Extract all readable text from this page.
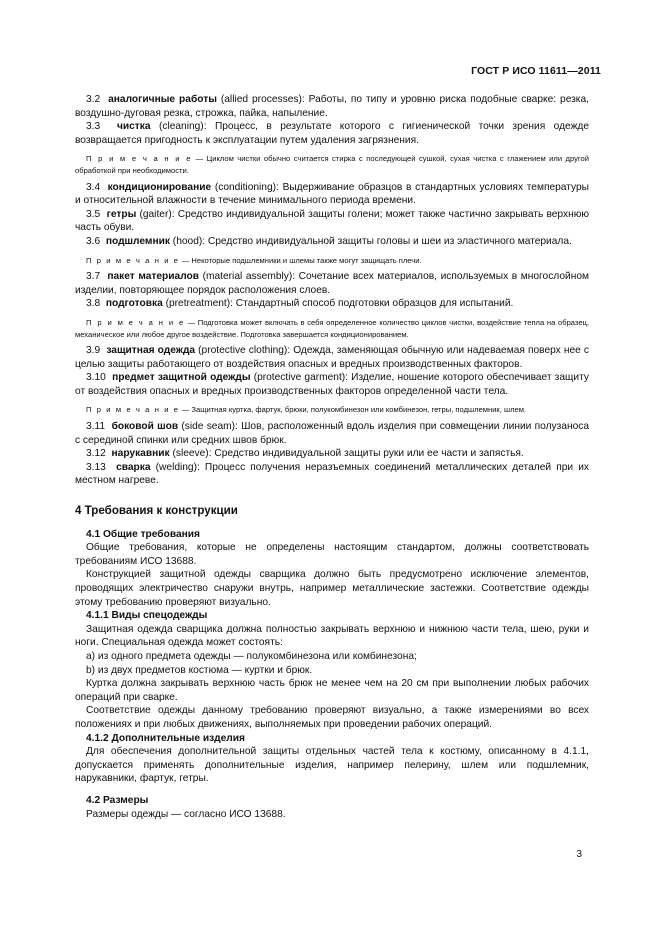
ГОСТ Р ИСО 11611—2011

3.2 аналогичные работы (allied processes): Работы, по типу и уровню риска подобные сварке: резка, воздушно-дуговая резка, строжка, пайка, напыление.

3.3 чистка (cleaning): Процесс, в результате которого с гигиенической точки зрения одежде возвращается пригодность к эксплуатации путем удаления загрязнения.

П р и м е ч а н и е — Циклом чистки обычно считается стирка с последующей сушкой, сухая чистка с глажением или другой обработкой при необходимости.

3.4 кондиционирование (conditioning): Выдерживание образцов в стандартных условиях температуры и относительной влажности в течение минимального периода времени.

3.5 гетры (gaiter): Средство индивидуальной защиты голени; может также частично закрывать верхнюю часть обуви.

3.6 подшлемник (hood): Средство индивидуальной защиты головы и шеи из эластичного материала.

П р и м е ч а н и е — Некоторые подшлемники и шлемы также могут защищать плечи.

3.7 пакет материалов (material assembly): Сочетание всех материалов, используемых в многослойном изделии, повторяющее порядок расположения слоев.

3.8 подготовка (pretreatment): Стандартный способ подготовки образцов для испытаний.

П р и м е ч а н и е — Подготовка может включать в себя определенное количество циклов чистки, воздействие тепла на образец, механическое или любое другое воздействие. Подготовка завершается кондиционированием.

3.9 защитная одежда (protective clothing): Одежда, заменяющая обычную или надеваемая поверх нее с целью защиты работающего от воздействия опасных и вредных производственных факторов.

3.10 предмет защитной одежды (protective garment): Изделие, ношение которого обеспечивает защиту от воздействия опасных и вредных производственных факторов определенной части тела.

П р и м е ч а н и е — Защитная куртка, фартук, брюки, полукомбинезон или комбинезон, гетры, подшлемник, шлем.

3.11 боковой шов (side seam): Шов, расположенный вдоль изделия при совмещении линии полузаноса с серединой спинки или средних швов брюк.

3.12 нарукавник (sleeve): Средство индивидуальной защиты руки или ее части и запястья.

3.13 сварка (welding): Процесс получения неразъемных соединений металлических деталей при их местном нагреве.

4 Требования к конструкции

4.1 Общие требования

Общие требования, которые не определены настоящим стандартом, должны соответствовать требованиям ИСО 13688.

Конструкцией защитной одежды сварщика должно быть предусмотрено исключение элементов, проводящих электричество снаружи внутрь, например металлические застежки. Соответствие одежды этому требованию проверяют визуально.

4.1.1 Виды спецодежды

Защитная одежда сварщика должна полностью закрывать верхнюю и нижнюю части тела, шею, руки и ноги. Специальная одежда может состоять:

а) из одного предмета одежды — полукомбинезона или комбинезона;

b) из двух предметов костюма — куртки и брюк.

Куртка должна закрывать верхнюю часть брюк не менее чем на 20 см при выполнении любых рабочих операций при сварке.

Соответствие одежды данному требованию проверяют визуально, а также измерениями во всех положениях и при любых движениях, выполняемых при проведении рабочих операций.

4.1.2 Дополнительные изделия

Для обеспечения дополнительной защиты отдельных частей тела к костюму, описанному в 4.1.1, допускается применять дополнительные изделия, например пелерину, шлем или подшлемник, нарукавники, фартук, гетры.

4.2 Размеры

Размеры одежды — согласно ИСО 13688.

3
